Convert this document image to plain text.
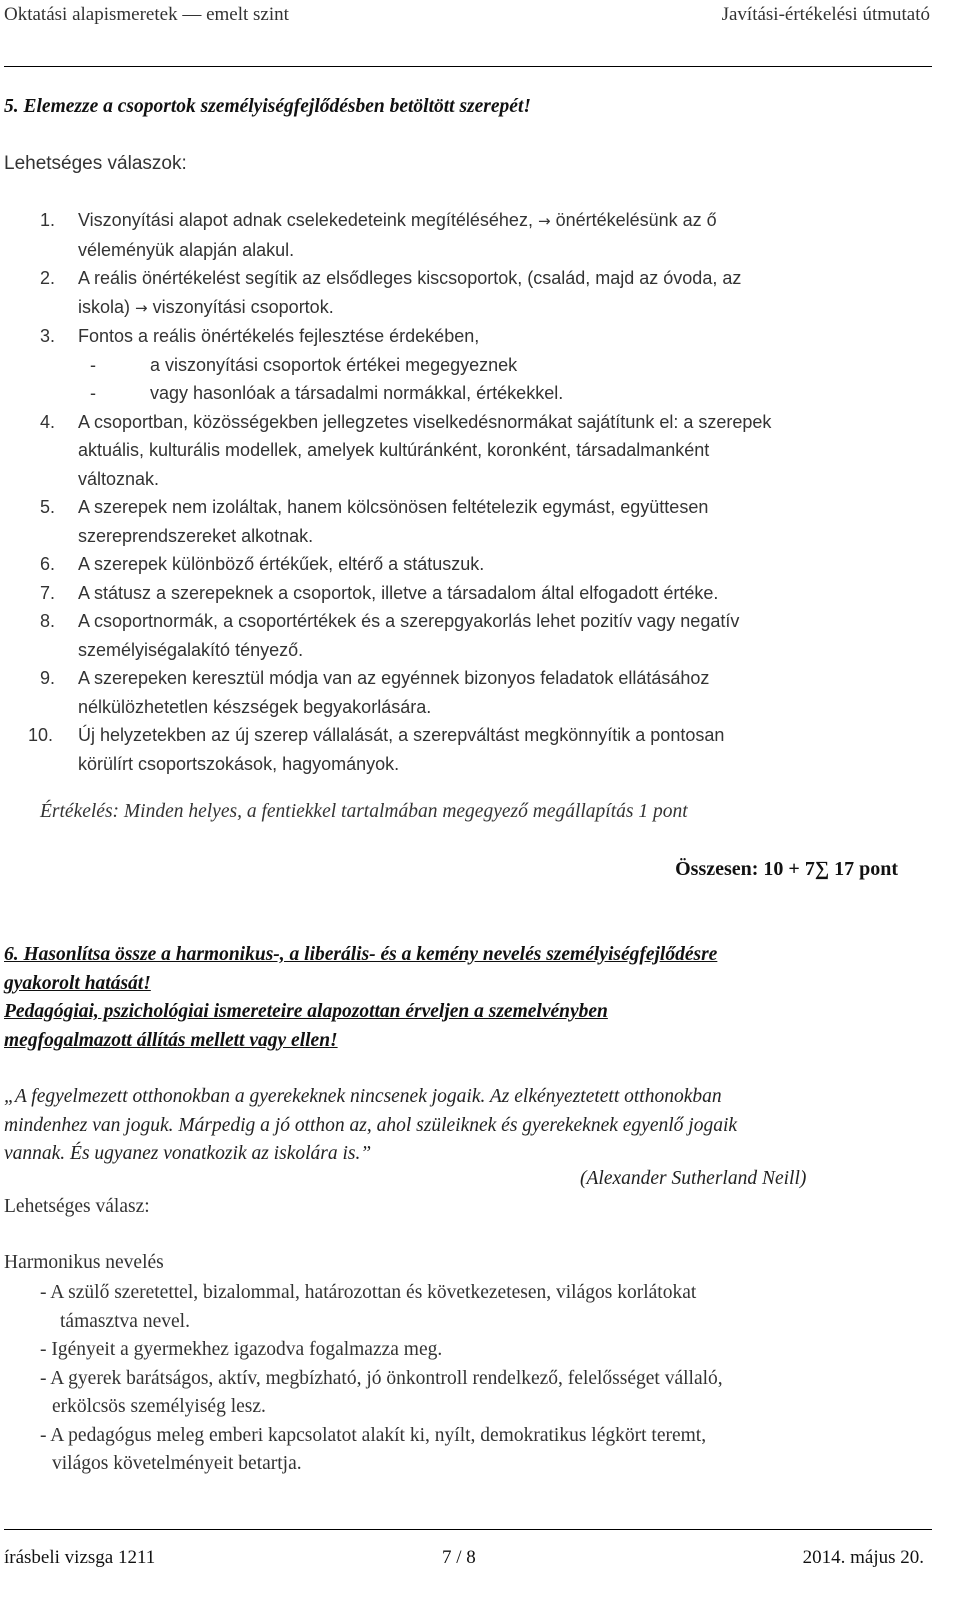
Oktatási alapismeretek — emelt szint	Javítási-értékelési útmutató
5. Elemezze a csoportok személyiségfejlődésben betöltött szerepét!
Lehetséges válaszok:
1. Viszonyítási alapot adnak cselekedeteink megítéléséhez, → önértékelésünk az ő
véleményük alapján alakul.
2. A reális önértékelést segítik az elsődleges kiscsoportok, (család, majd az óvoda, az
iskola) → viszonyítási csoportok.
3. Fontos a reális önértékelés fejlesztése érdekében,
-	a viszonyítási csoportok értékei megegyeznek
-	vagy hasonlóak a társadalmi normákkal, értékekkel.
4. A csoportban, közösségekben jellegzetes viselkedésnormákat sajátítunk el: a szerepek
aktuális, kulturális modellek, amelyek kultúránként, koronként, társadalmanként
változnak.
5. A szerepek nem izoláltak, hanem kölcsönösen feltételezik egymást, együttesen
szereprendszereket alkotnak.
6. A szerepek különböző értékűek, eltérő a státuszuk.
7. A státusz a szerepeknek a csoportok, illetve a társadalom által elfogadott értéke.
8. A csoportnormák, a csoportértékek és a szerepgyakorlás lehet pozitív vagy negatív
személyiségalakító tényező.
9. A szerepeken keresztül módja van az egyénnek bizonyos feladatok ellátásához
nélkülözhetetlen készségek begyakorlására.
10. Új helyzetekben az új szerep vállalását, a szerepváltást megkönnyítik a pontosan
körülírt csoportszokások, hagyományok.
Értékelés: Minden helyes, a fentiekkel tartalmában megegyező megállapítás 1 pont
Összesen: 10 + 7∑ 17 pont
6. Hasonlítsa össze a harmonikus-, a liberális- és a kemény nevelés személyiségfejlődésre
gyakorolt hatását!
Pedagógiai, pszichológiai ismereteire alapozottan érveljen a szemelvényben
megfogalmazott állítás mellett vagy ellen!
„A fegyelmezett otthonokban a gyerekeknek nincsenek jogaik. Az elkényeztetett otthonokban
mindenhez van joguk. Márpedig a jó otthon az, ahol szüleiknek és gyerekeknek egyenlő jogaik
vannak. És ugyanez vonatkozik az iskolára is.”
(Alexander Sutherland Neill)
Lehetséges válasz:
Harmonikus nevelés
- A szülő szeretettel, bizalommal, határozottan és következetesen, világos korlátokat
támasztva nevel.
- Igényeit a gyermekhez igazodva fogalmazza meg.
- A gyerek barátságos, aktív, megbízható, jó önkontroll rendelkező, felelősséget vállaló,
erkölcsös személyiség lesz.
- A pedagógus meleg emberi kapcsolatot alakít ki, nyílt, demokratikus légkört teremt,
világos követelményeit betartja.
írásbeli vizsga 1211	7 / 8	2014. május 20.
